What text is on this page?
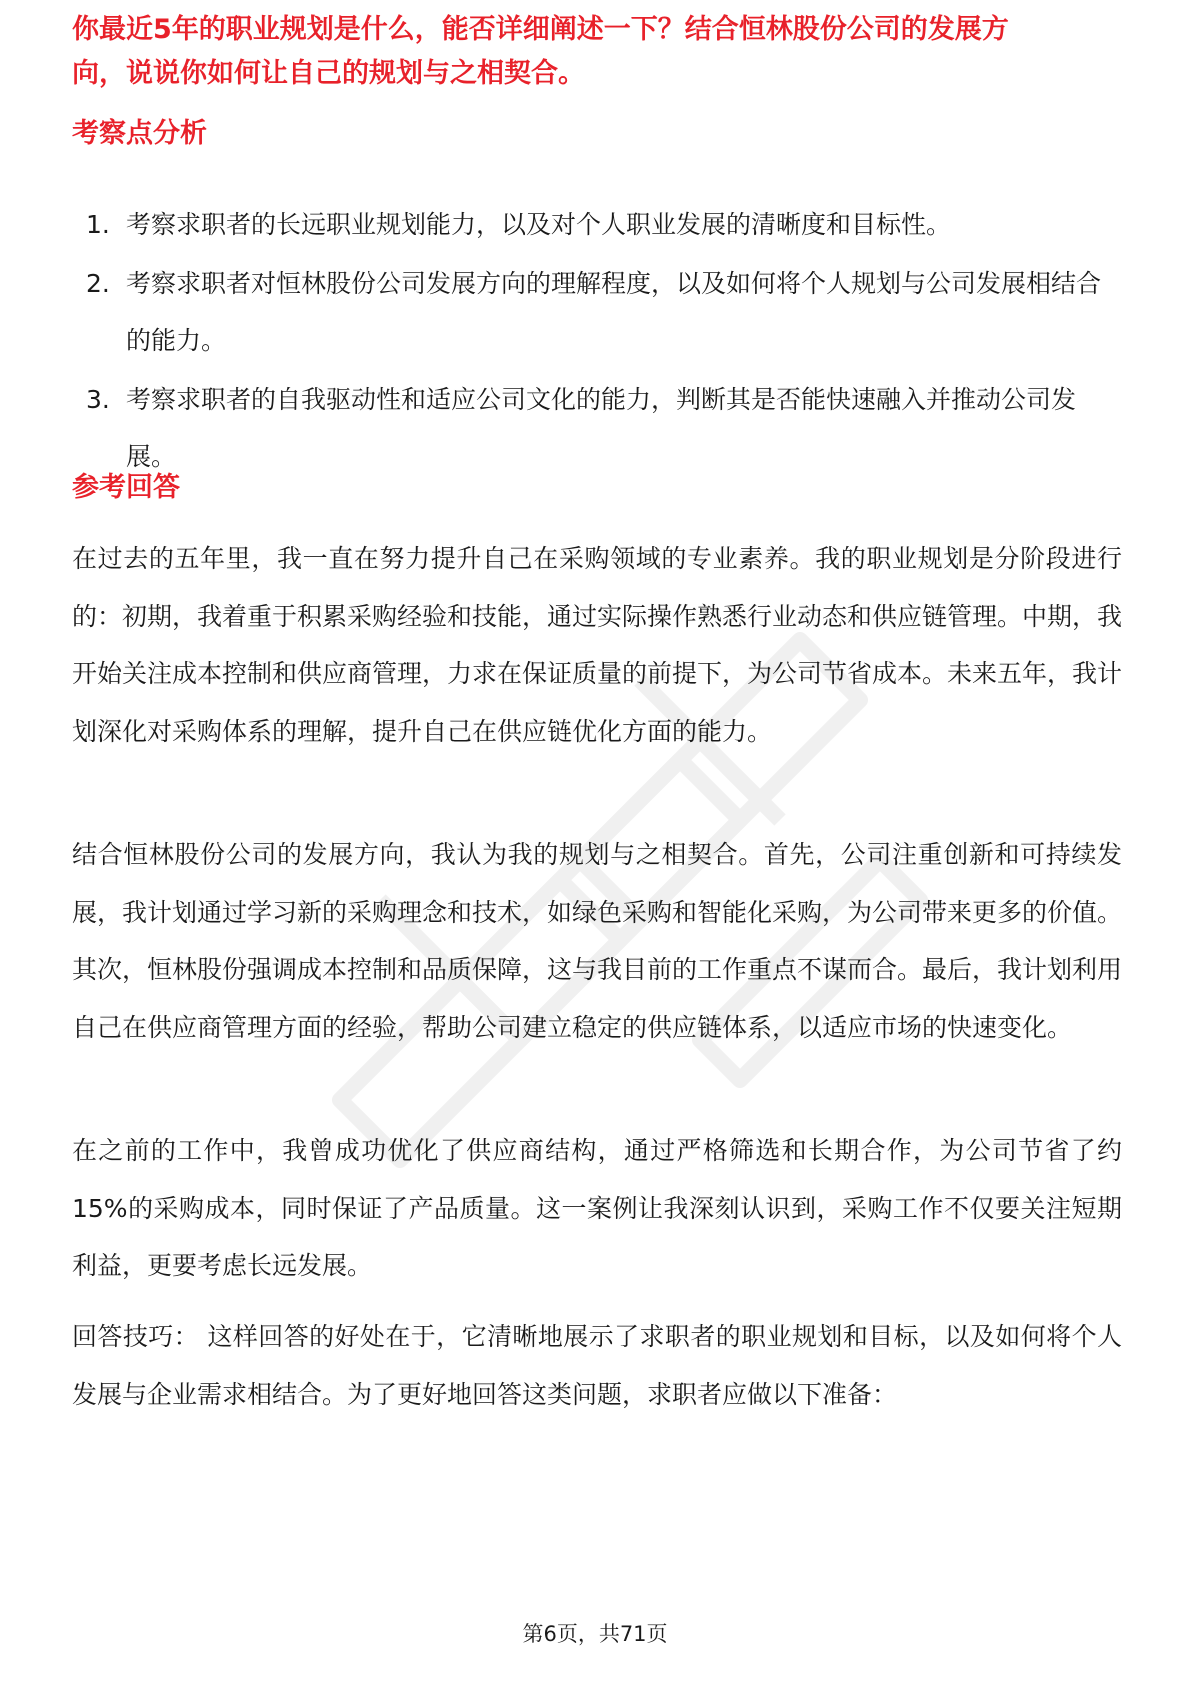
你最近5年的职业规划是什么，能否详细阐述一下？结合恒林股份公司的发展方
向，说说你如何让自己的规划与之相契合。
考察点分析
1. 考察求职者的长远职业规划能力，以及对个人职业发展的清晰度和目标性。
2. 考察求职者对恒林股份公司发展方向的理解程度，以及如何将个人规划与公司发展相结合的能力。
3. 考察求职者的自我驱动性和适应公司文化的能力，判断其是否能快速融入并推动公司发展。
参考回答

在过去的五年里，我一直在努力提升自己在采购领域的专业素养。我的职业规划是分阶段进行的：初期，我着重于积累采购经验和技能，通过实际操作熟悉行业动态和供应链管理。中期，我开始关注成本控制和供应商管理，力求在保证质量的前提下，为公司节省成本。未来五年，我计划深化对采购体系的理解，提升自己在供应链优化方面的能力。

结合恒林股份公司的发展方向，我认为我的规划与之相契合。首先，公司注重创新和可持续发展，我计划通过学习新的采购理念和技术，如绿色采购和智能化采购，为公司带来更多的价值。其次，恒林股份强调成本控制和品质保障，这与我目前的工作重点不谋而合。最后，我计划利用自己在供应商管理方面的经验，帮助公司建立稳定的供应链体系，以适应市场的快速变化。

在之前的工作中，我曾成功优化了供应商结构，通过严格筛选和长期合作，为公司节省了约15%的采购成本，同时保证了产品质量。这一案例让我深刻认识到，采购工作不仅要关注短期利益，更要考虑长远发展。

回答技巧： 这样回答的好处在于，它清晰地展示了求职者的职业规划和目标，以及如何将个人发展与企业需求相结合。为了更好地回答这类问题，求职者应做以下准备：

第6页，共71页
